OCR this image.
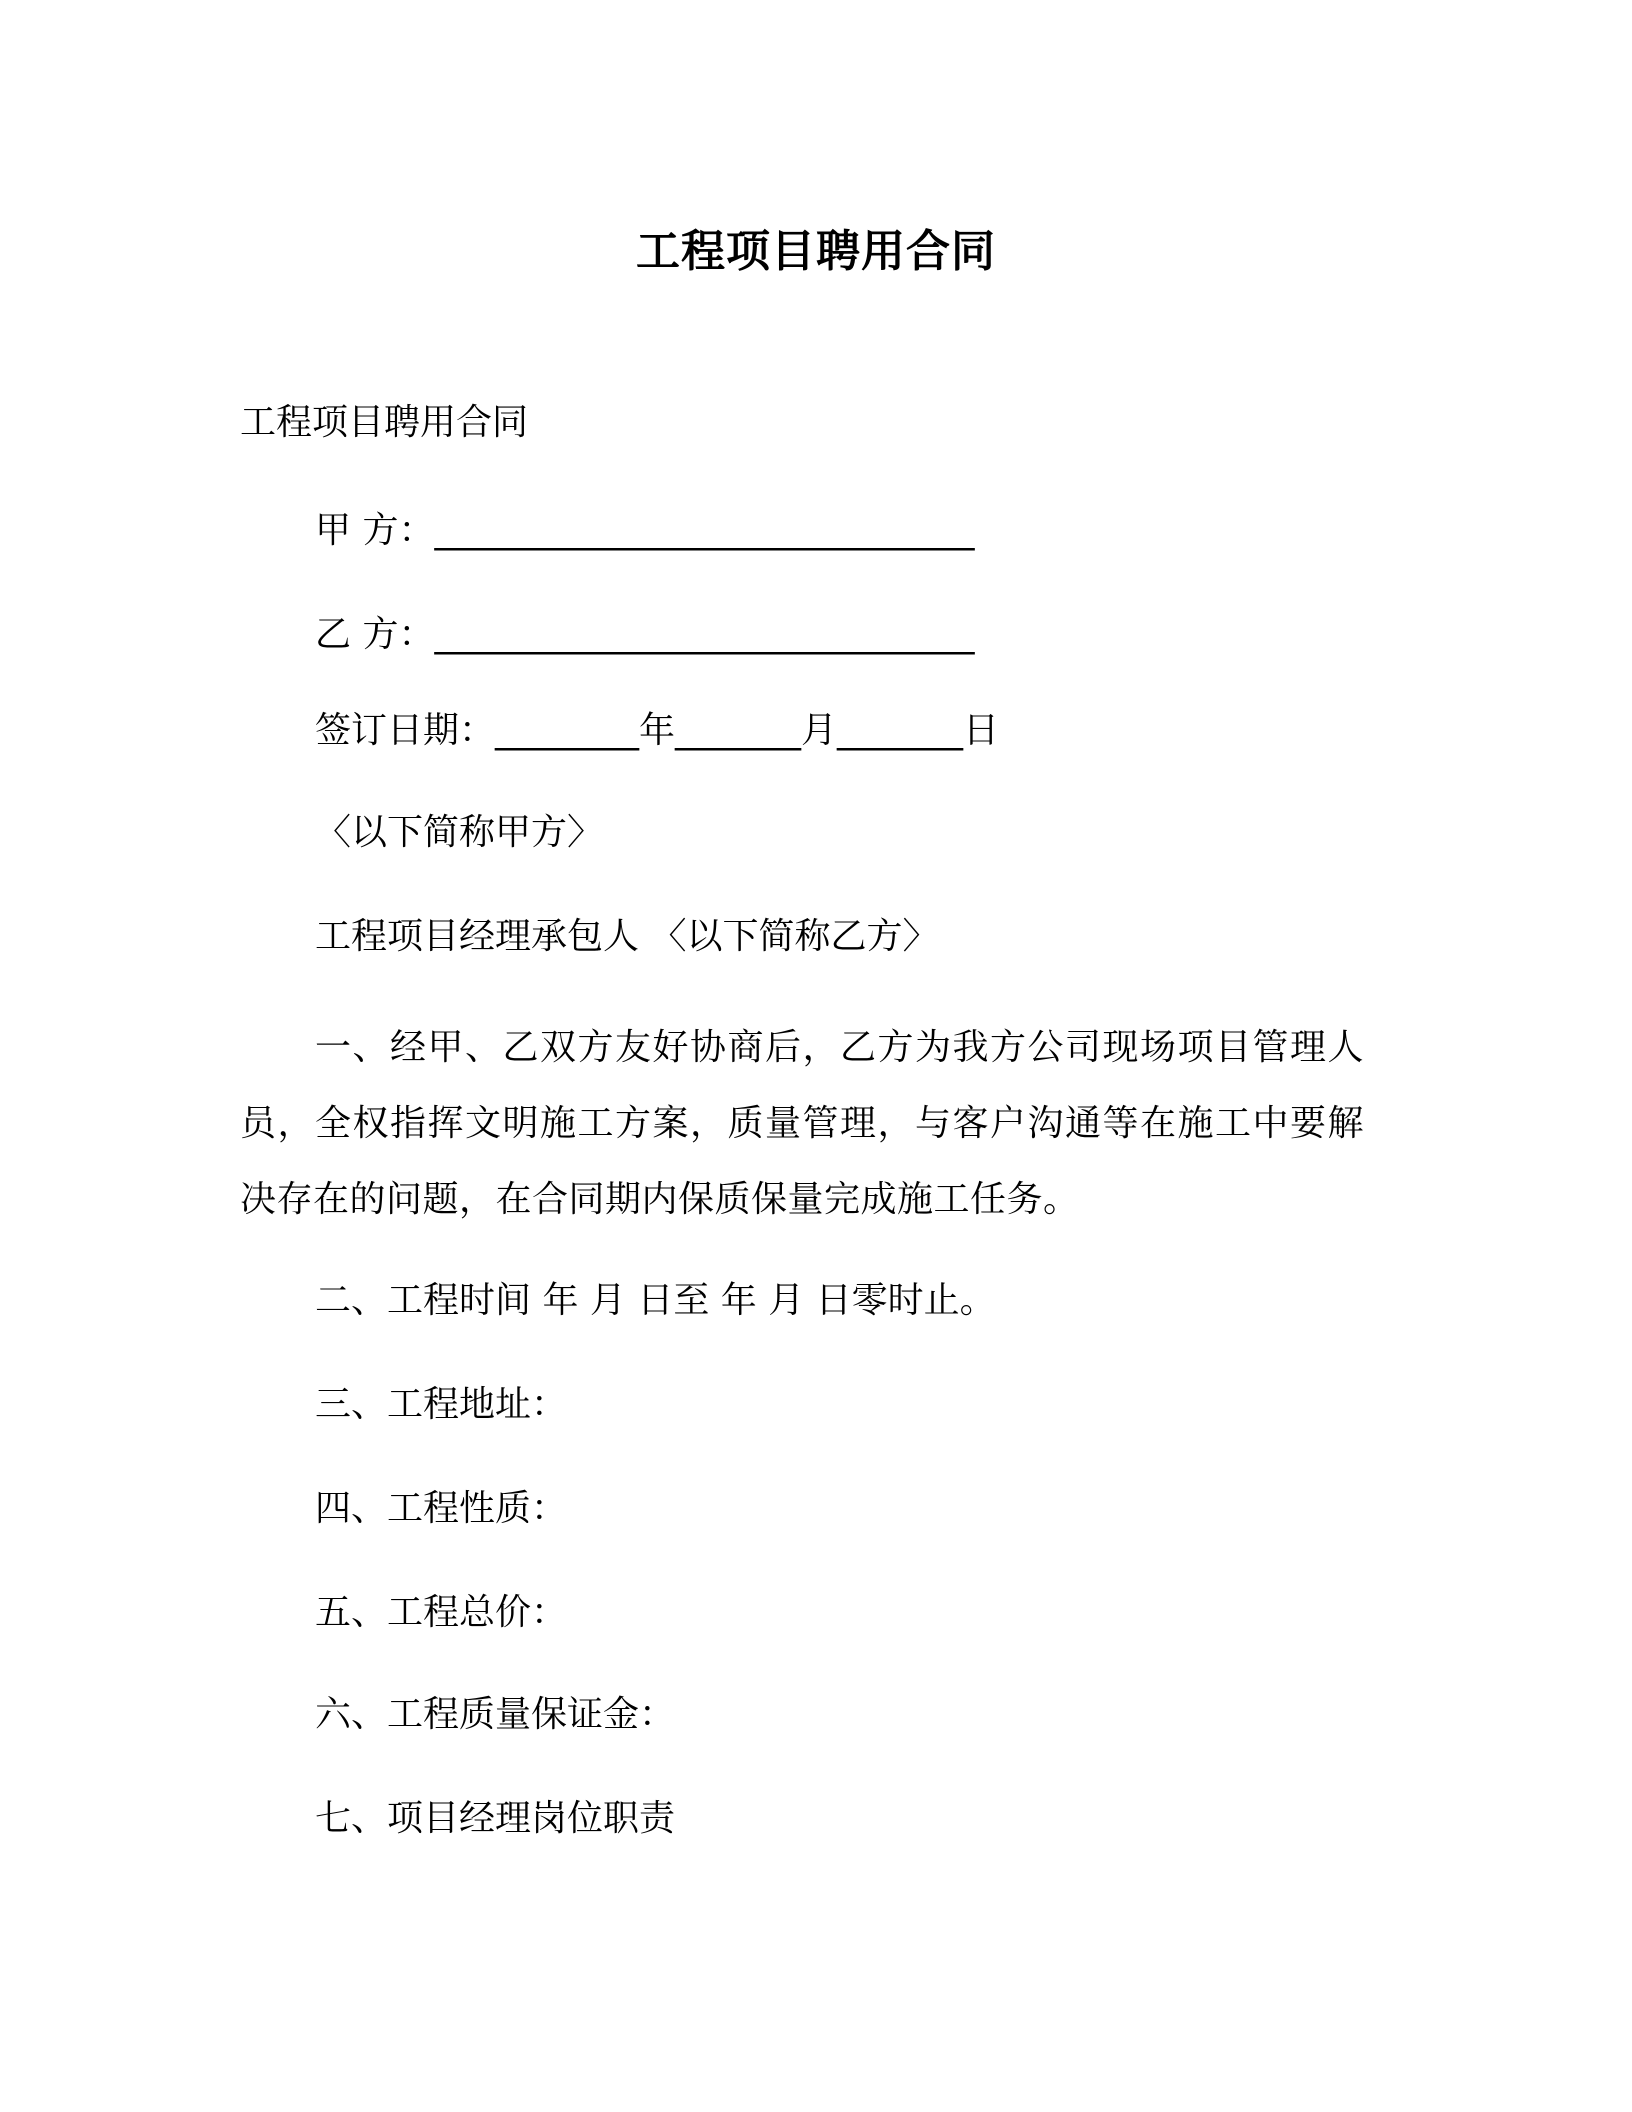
工程项目聘用合同
工程项目聘用合同
甲 方：______________________________
乙 方：______________________________
签订日期：________年_______月_______日
〈以下简称甲方〉
工程项目经理承包人 〈以下简称乙方〉
一、经甲、乙双方友好协商后，乙方为我方公司现场项目管理人员，全权指挥文明施工方案，质量管理，与客户沟通等在施工中要解决存在的问题，在合同期内保质保量完成施工任务。
二、工程时间 年 月 日至 年 月 日零时止。
三、工程地址：
四、工程性质：
五、工程总价：
六、工程质量保证金：
七、项目经理岗位职责
